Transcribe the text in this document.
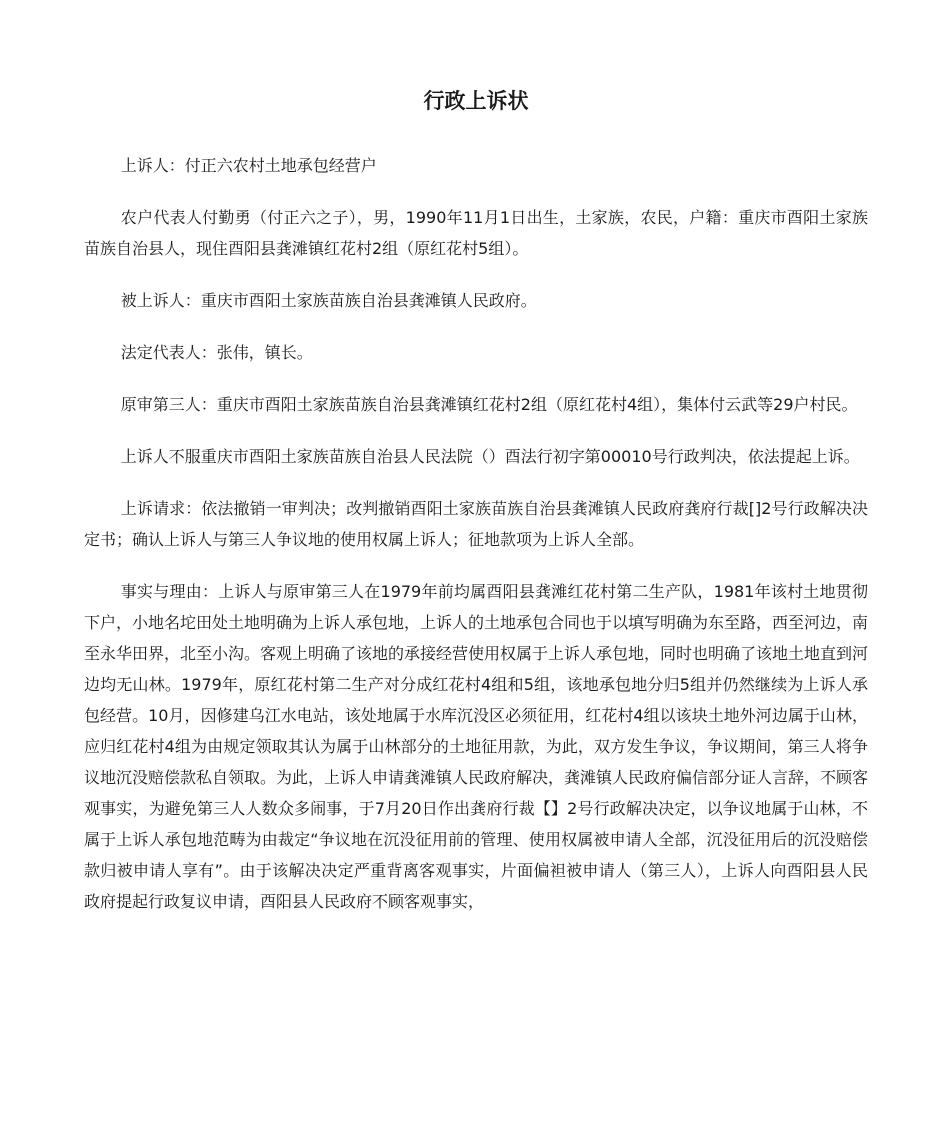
行政上诉状

上诉人：付正六农村土地承包经营户

农户代表人付勤勇（付正六之子），男，1990年11月1日出生，土家族，农民，户籍：重庆市酉阳土家族苗族自治县人，现住酉阳县龚滩镇红花村2组（原红花村5组）。

被上诉人：重庆市酉阳土家族苗族自治县龚滩镇人民政府。

法定代表人：张伟，镇长。

原审第三人：重庆市酉阳土家族苗族自治县龚滩镇红花村2组（原红花村4组），集体付云武等29户村民。

上诉人不服重庆市酉阳土家族苗族自治县人民法院（）酉法行初字第00010号行政判决，依法提起上诉。

上诉请求：依法撤销一审判决；改判撤销酉阳土家族苗族自治县龚滩镇人民政府龚府行裁[]2号行政解决决定书；确认上诉人与第三人争议地的使用权属上诉人；征地款项为上诉人全部。

事实与理由：上诉人与原审第三人在1979年前均属酉阳县龚滩红花村第二生产队，1981年该村土地贯彻下户，小地名坨田处土地明确为上诉人承包地，上诉人的土地承包合同也于以填写明确为东至路，西至河边，南至永华田界，北至小沟。客观上明确了该地的承接经营使用权属于上诉人承包地，同时也明确了该地土地直到河边均无山林。1979年，原红花村第二生产对分成红花村4组和5组，该地承包地分归5组并仍然继续为上诉人承包经营。10月，因修建乌江水电站，该处地属于水库沉没区必须征用，红花村4组以该块土地外河边属于山林，应归红花村4组为由规定领取其认为属于山林部分的土地征用款，为此，双方发生争议，争议期间，第三人将争议地沉没赔偿款私自领取。为此，上诉人申请龚滩镇人民政府解决，龚滩镇人民政府偏信部分证人言辞，不顾客观事实，为避免第三人人数众多闹事，于7月20日作出龚府行裁【】2号行政解决决定，以争议地属于山林，不属于上诉人承包地范畴为由裁定“争议地在沉没征用前的管理、使用权属被申请人全部，沉没征用后的沉没赔偿款归被申请人享有”。由于该解决决定严重背离客观事实，片面偏袒被申请人（第三人），上诉人向酉阳县人民政府提起行政复议申请，酉阳县人民政府不顾客观事实，
